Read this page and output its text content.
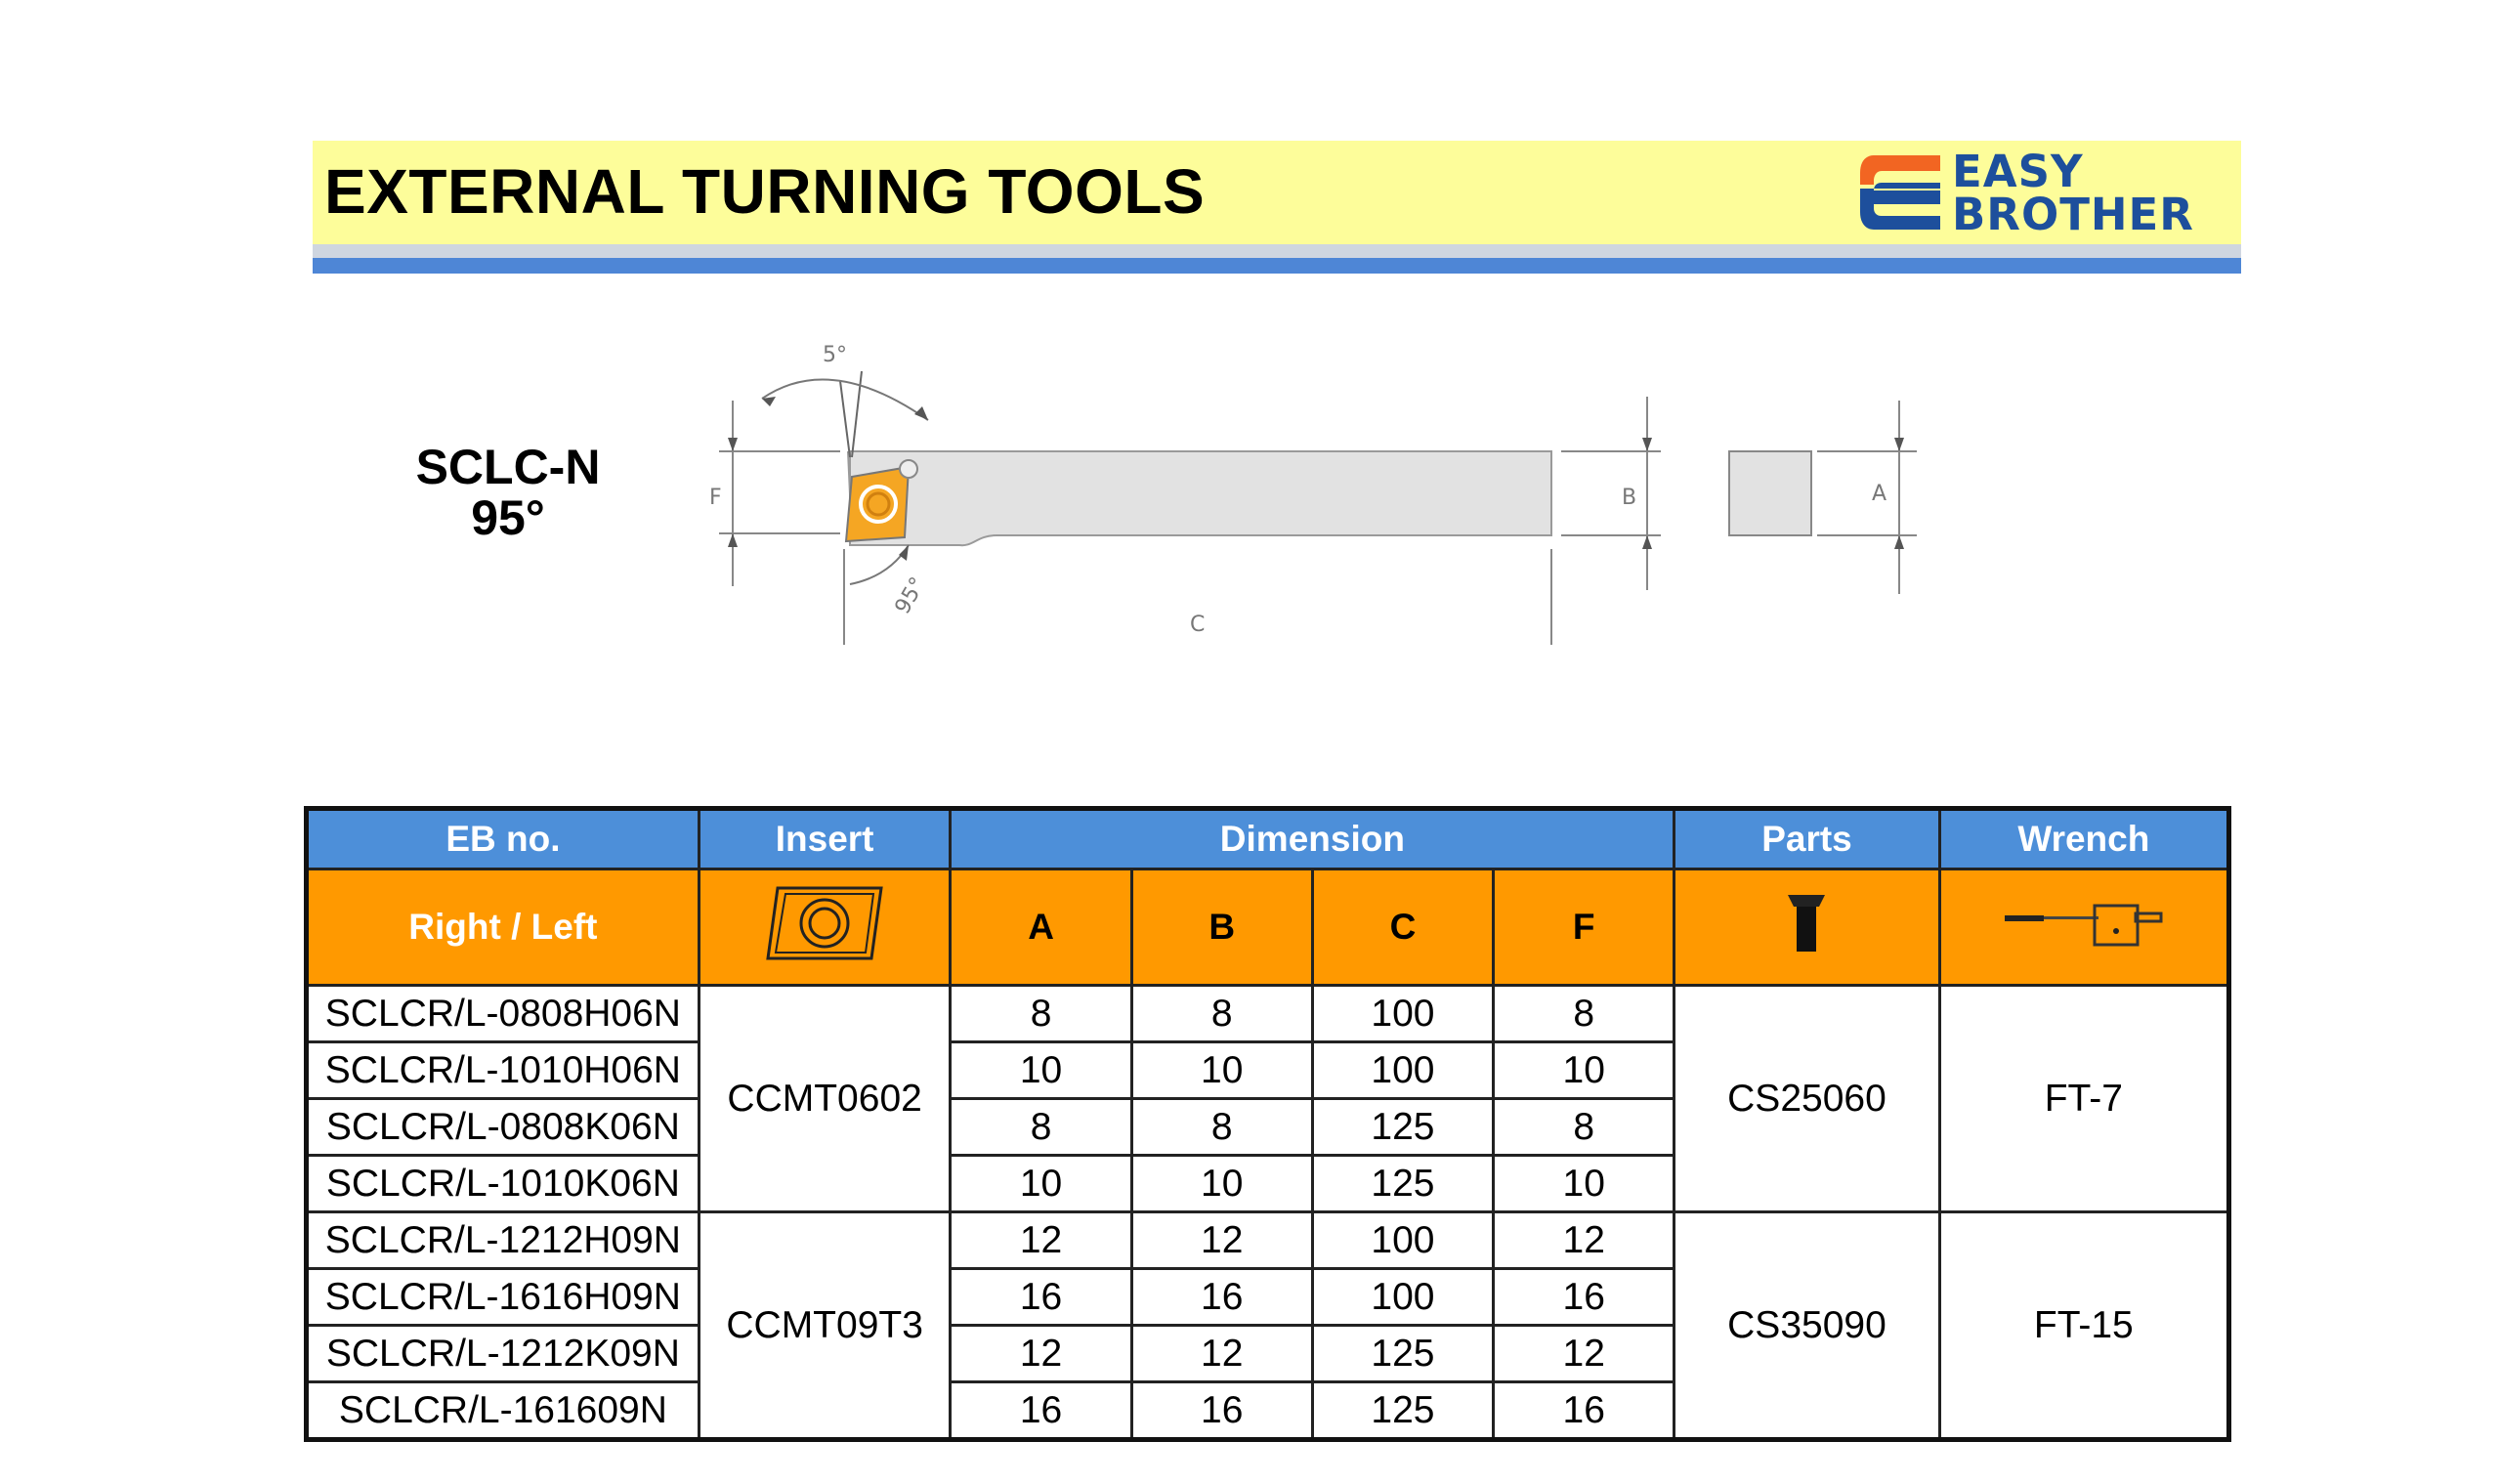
EXTERNAL TURNING TOOLS	EASY
BROTHER
SCLC-N
95°
5°
95°
F	B
C
A
EB no.	Insert	Dimension				Parts	Wrench
Right / Left		A	B	C	F		
SCLCR/L-0808H06N	CCMT0602	8	8	100	8	CS25060	FT-7
SCLCR/L-1010H06N		10	10	100	10		
SCLCR/L-0808K06N		8	8	125	8		
SCLCR/L-1010K06N		10	10	125	10		
SCLCR/L-1212H09N	CCMT09T3	12	12	100	12	CS35090	FT-15
SCLCR/L-1616H09N		16	16	100	16		
SCLCR/L-1212K09N		12	12	125	12		
SCLCR/L-161609N		16	16	125	16		
